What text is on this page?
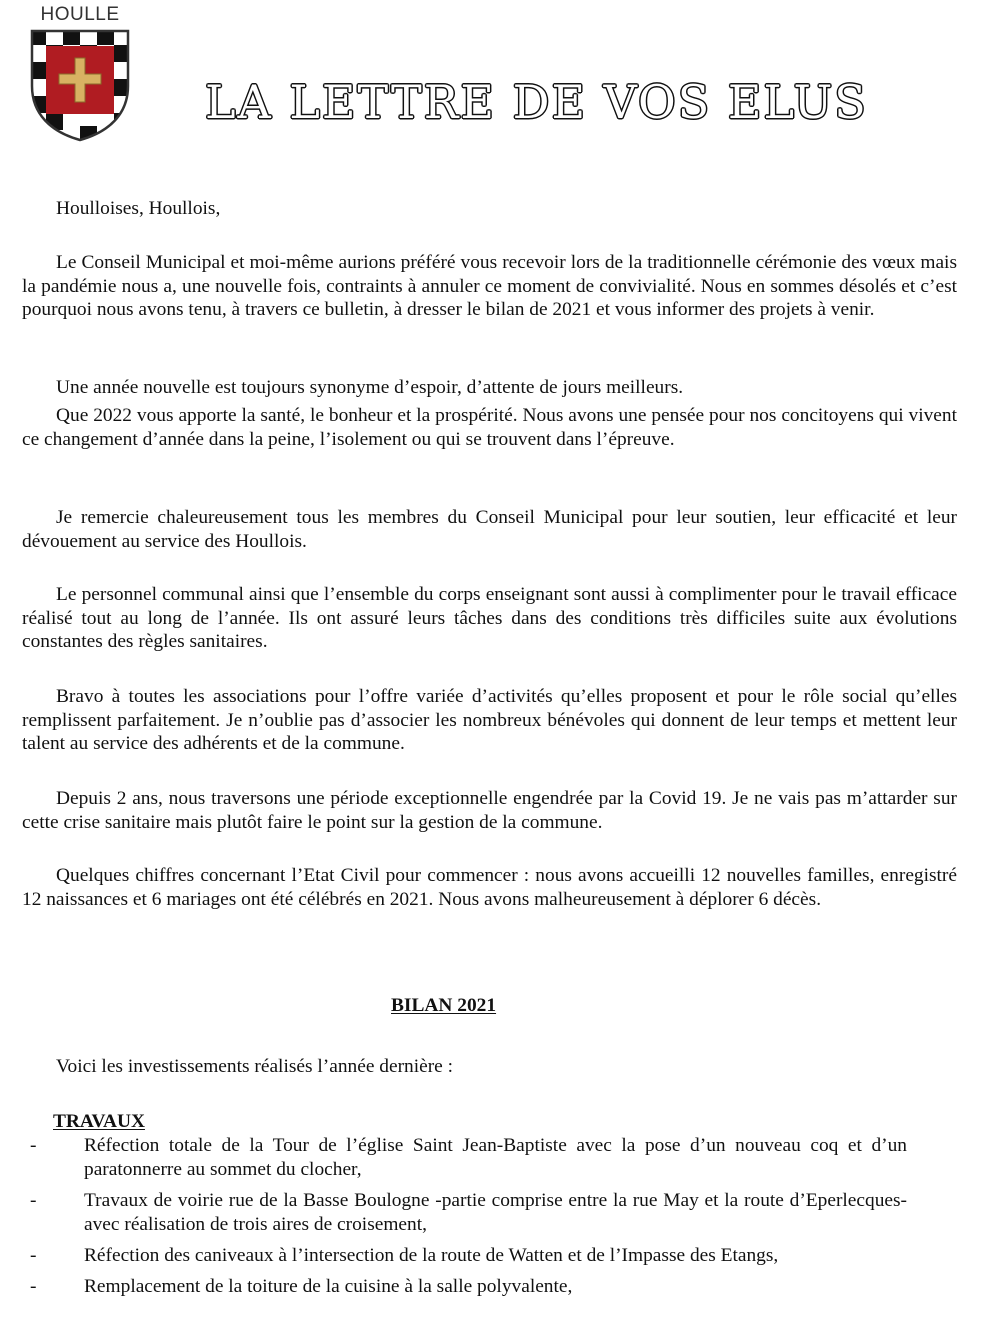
HOULLE
LA LETTRE DE VOS ELUS

Houlloises, Houllois,

Le Conseil Municipal et moi-même aurions préféré vous recevoir lors de la traditionnelle cérémonie des vœux mais la pandémie nous a, une nouvelle fois, contraints à annuler ce moment de convivialité. Nous en sommes désolés et c’est pourquoi nous avons tenu, à travers ce bulletin, à dresser le bilan de 2021 et vous informer des projets à venir.

Une année nouvelle est toujours synonyme d’espoir, d’attente de jours meilleurs.

Que 2022 vous apporte la santé, le bonheur et la prospérité. Nous avons une pensée pour nos concitoyens qui vivent ce changement d’année dans la peine, l’isolement ou qui se trouvent dans l’épreuve.

Je remercie chaleureusement tous les membres du Conseil Municipal pour leur soutien, leur efficacité et leur dévouement au service des Houllois.

Le personnel communal ainsi que l’ensemble du corps enseignant sont aussi à complimenter pour le travail efficace réalisé tout au long de l’année. Ils ont assuré leurs tâches dans des conditions très difficiles suite aux évolutions constantes des règles sanitaires.

Bravo à toutes les associations pour l’offre variée d’activités qu’elles proposent et pour le rôle social qu’elles remplissent parfaitement. Je n’oublie pas d’associer les nombreux bénévoles qui donnent de leur temps et mettent leur talent au service des adhérents et de la commune.

Depuis 2 ans, nous traversons une période exceptionnelle engendrée par la Covid 19. Je ne vais pas m’attarder sur cette crise sanitaire mais plutôt faire le point sur la gestion de la commune.

Quelques chiffres concernant l’Etat Civil pour commencer : nous avons accueilli 12 nouvelles familles, enregistré 12 naissances et 6 mariages ont été célébrés en 2021. Nous avons malheureusement à déplorer 6 décès.

BILAN 2021

Voici les investissements réalisés l’année dernière :

TRAVAUX

- Réfection totale de la Tour de l’église Saint Jean-Baptiste avec la pose d’un nouveau coq et d’un paratonnerre au sommet du clocher,
- Travaux de voirie rue de la Basse Boulogne -partie comprise entre la rue May et la route d’Eperlecques- avec réalisation de trois aires de croisement,
- Réfection des caniveaux à l’intersection de la route de Watten et de l’Impasse des Etangs,
- Remplacement de la toiture de la cuisine à la salle polyvalente,
